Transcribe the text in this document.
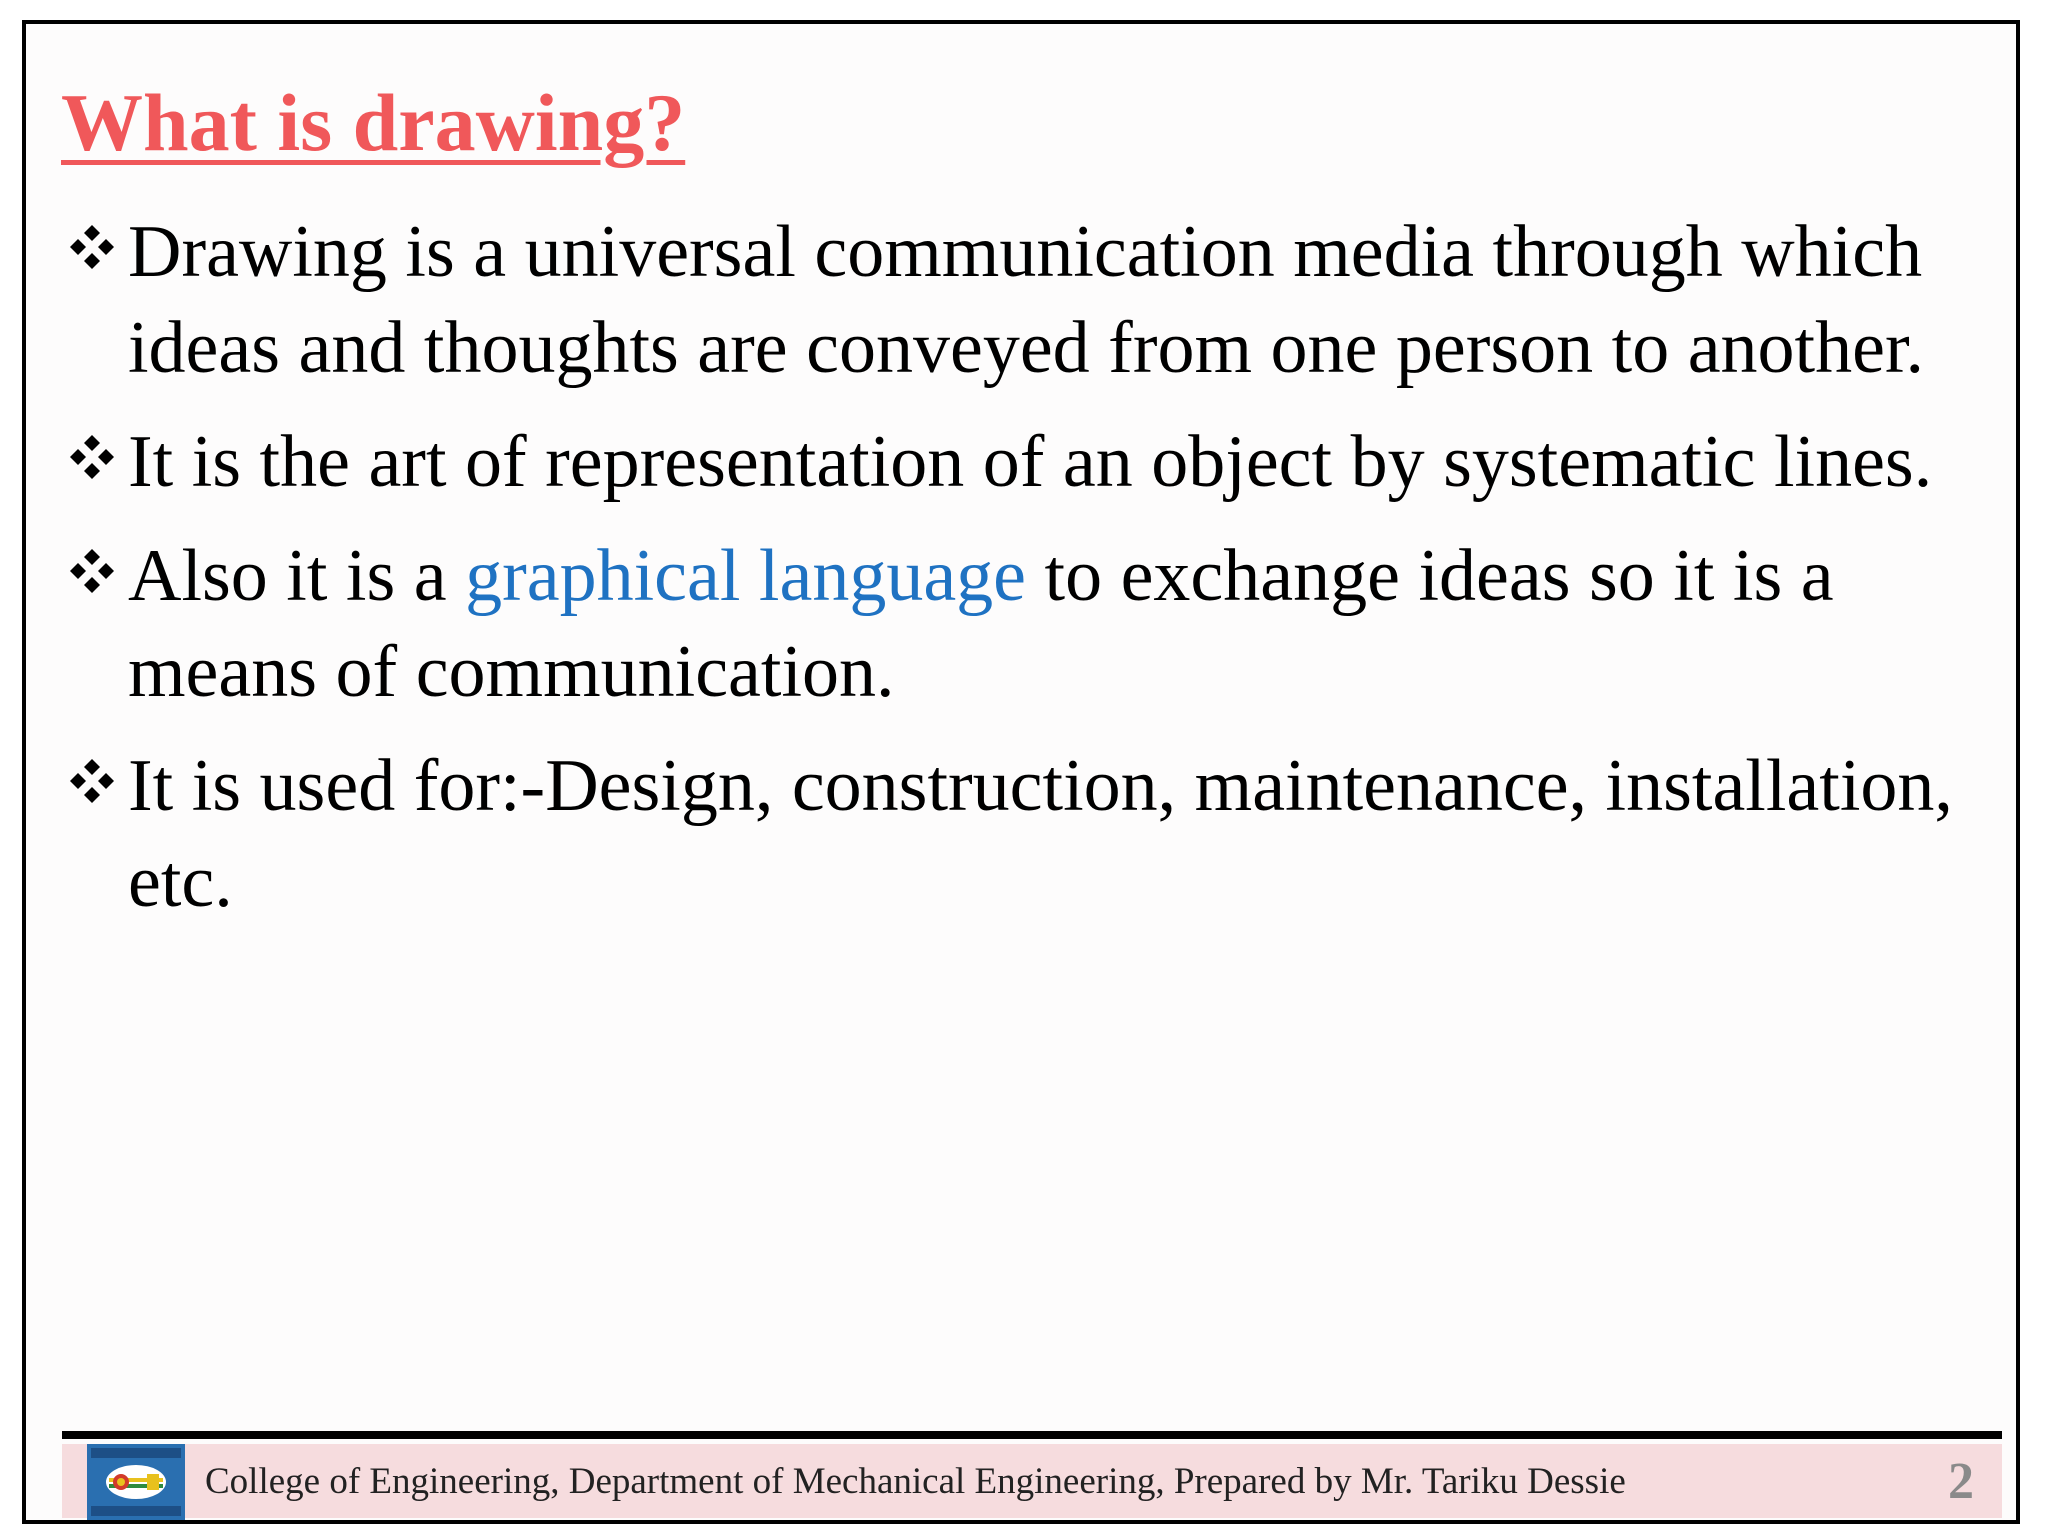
What is drawing?
Drawing is a universal communication media through which ideas and thoughts are conveyed from one person to another.
It is the art of representation of an object by systematic lines.
Also it is a graphical language to exchange ideas so it is a means of communication.
It is used for:-Design, construction, maintenance, installation, etc.
College of Engineering, Department of Mechanical Engineering, Prepared by Mr. Tariku Dessie	2
